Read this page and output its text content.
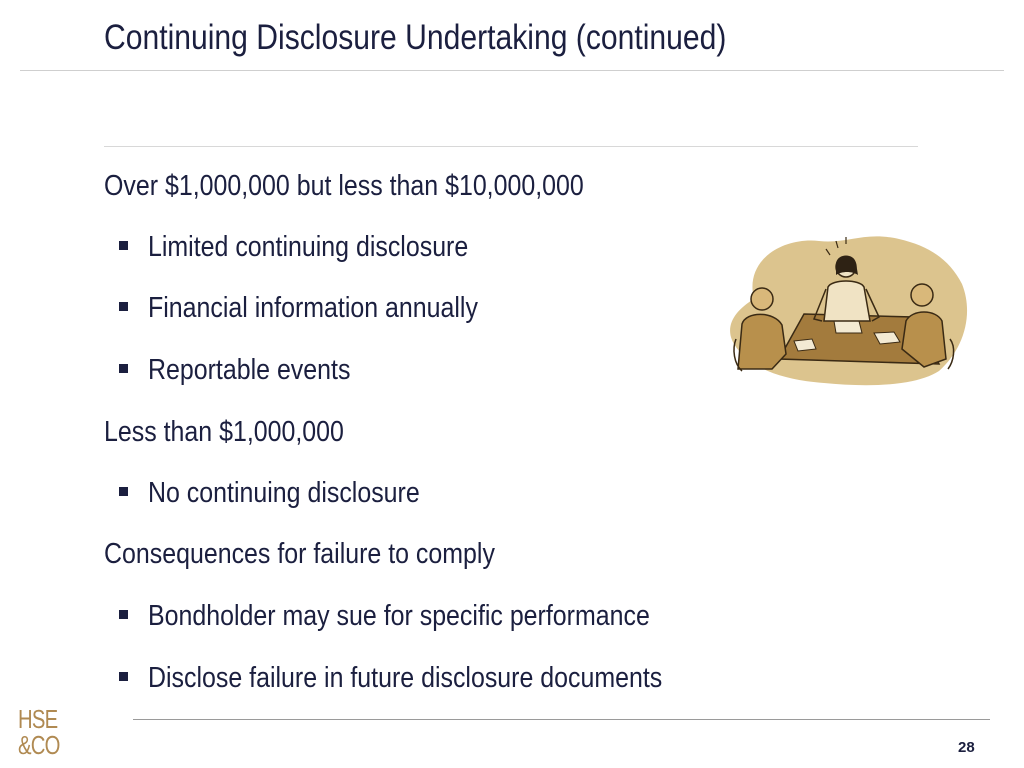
Continuing Disclosure Undertaking (continued)
Over $1,000,000 but less than $10,000,000
Limited continuing disclosure
Financial information annually
Reportable events
Less than $1,000,000
No continuing disclosure
Consequences for failure to comply
Bondholder may sue for specific performance
Disclose failure in future disclosure documents
HSE
&CO	28
